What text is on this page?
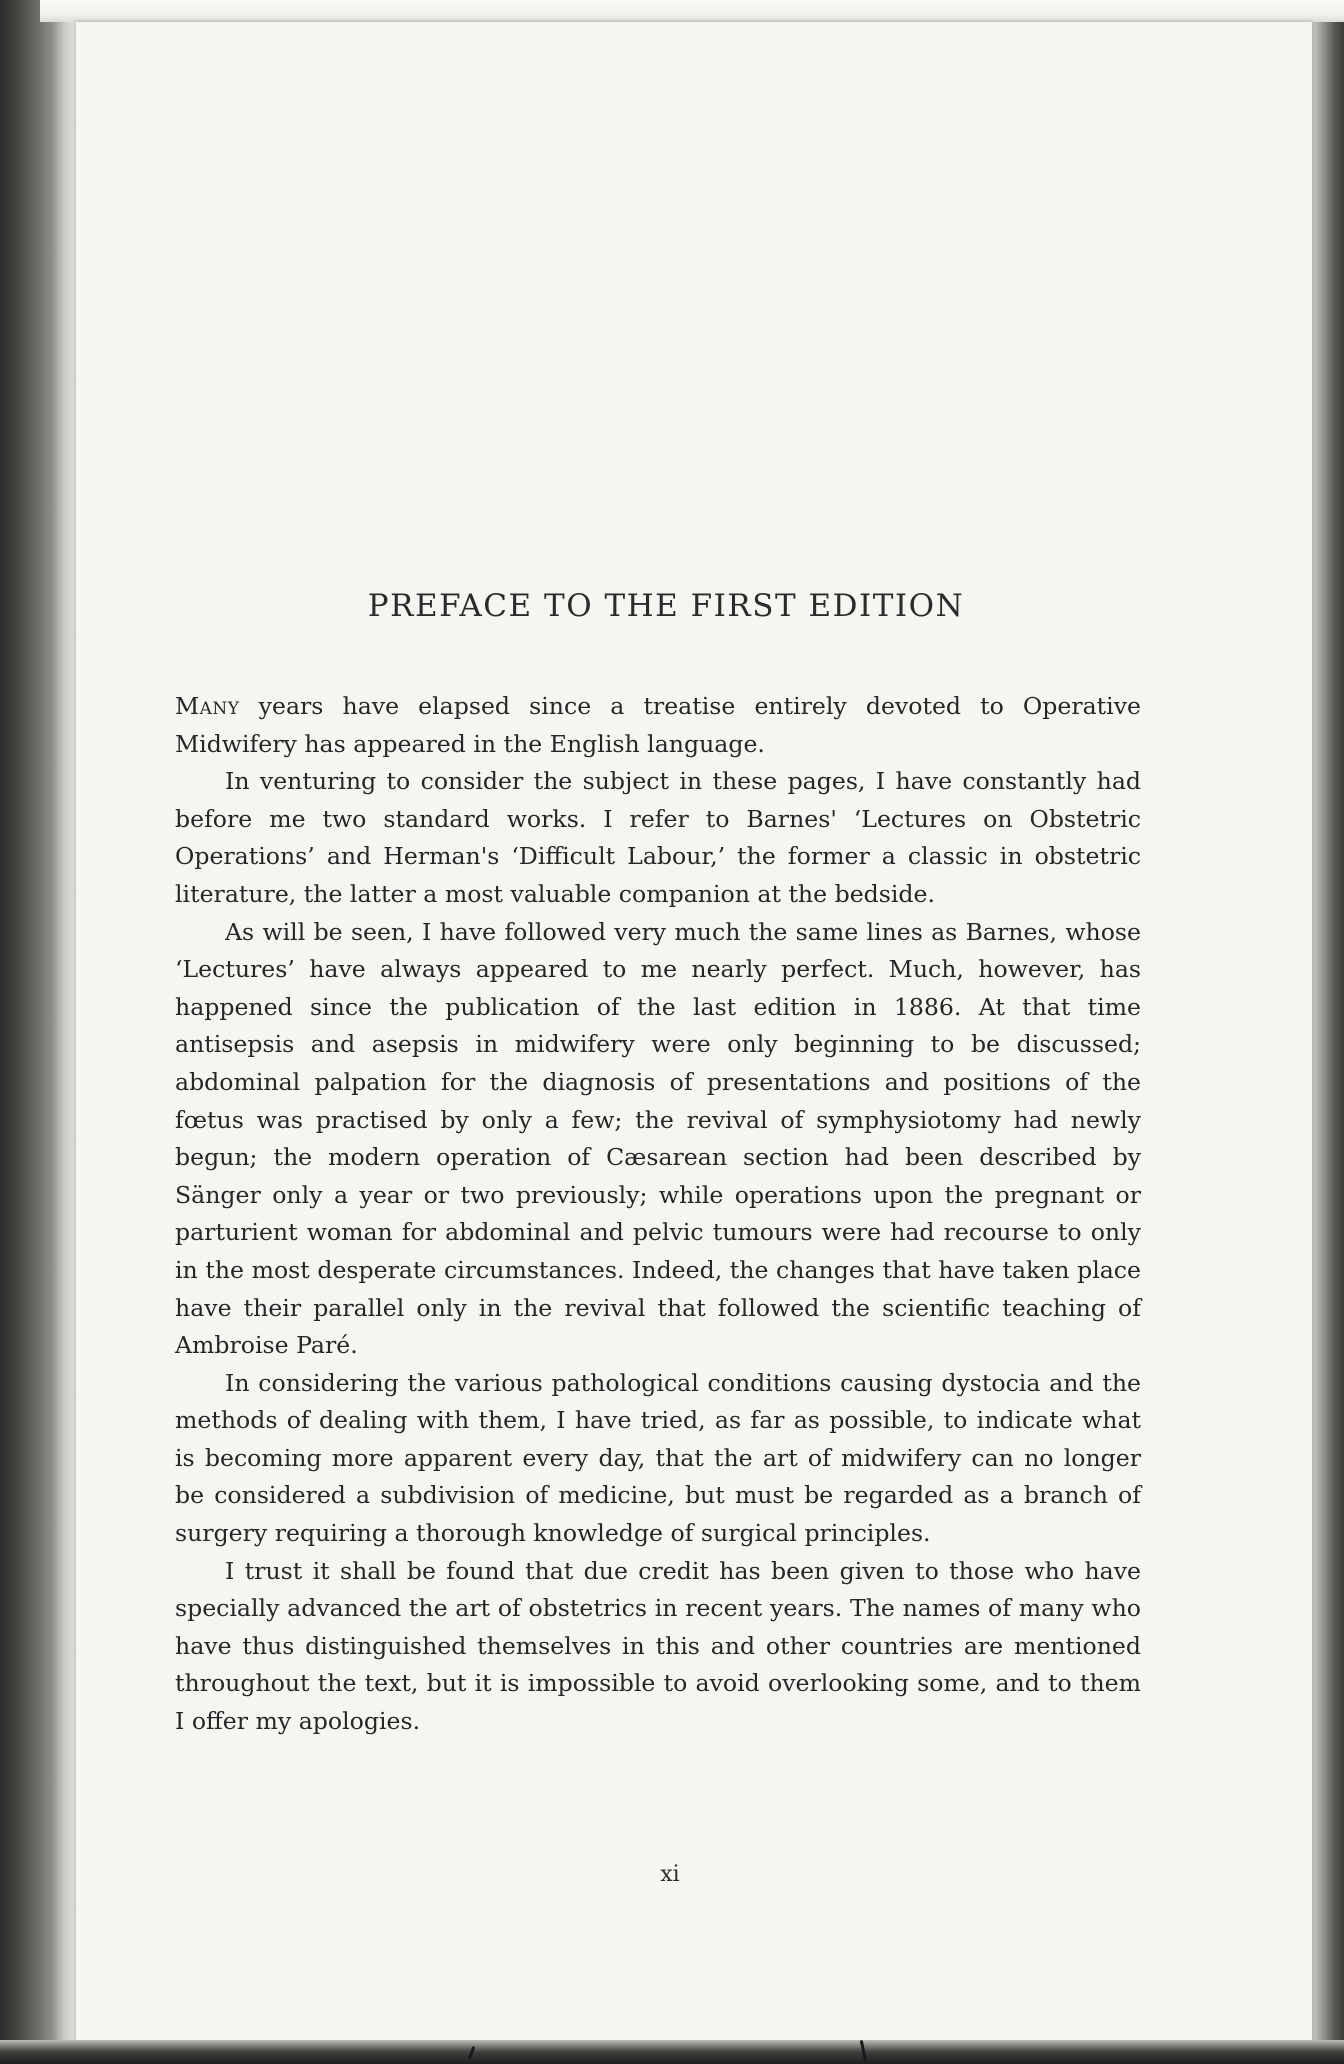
PREFACE TO THE FIRST EDITION

Many years have elapsed since a treatise entirely devoted to Operative Midwifery has appeared in the English language.

In venturing to consider the subject in these pages, I have constantly had before me two standard works. I refer to Barnes' ‘Lectures on Obstetric Operations’ and Herman's ‘Difficult Labour,’ the former a classic in obstetric literature, the latter a most valuable companion at the bedside.

As will be seen, I have followed very much the same lines as Barnes, whose ‘Lectures’ have always appeared to me nearly perfect. Much, however, has happened since the publication of the last edition in 1886. At that time antisepsis and asepsis in midwifery were only beginning to be discussed; abdominal palpation for the diagnosis of presentations and positions of the fœtus was practised by only a few; the revival of symphysiotomy had newly begun; the modern operation of Cæsarean section had been described by Sänger only a year or two previously; while operations upon the pregnant or parturient woman for abdominal and pelvic tumours were had recourse to only in the most desperate circumstances. Indeed, the changes that have taken place have their parallel only in the revival that followed the scientific teaching of Ambroise Paré.

In considering the various pathological conditions causing dystocia and the methods of dealing with them, I have tried, as far as possible, to indicate what is becoming more apparent every day, that the art of midwifery can no longer be considered a subdivision of medicine, but must be regarded as a branch of surgery requiring a thorough knowledge of surgical principles.

I trust it shall be found that due credit has been given to those who have specially advanced the art of obstetrics in recent years. The names of many who have thus distinguished themselves in this and other countries are mentioned throughout the text, but it is impossible to avoid overlooking some, and to them I offer my apologies.

xi
